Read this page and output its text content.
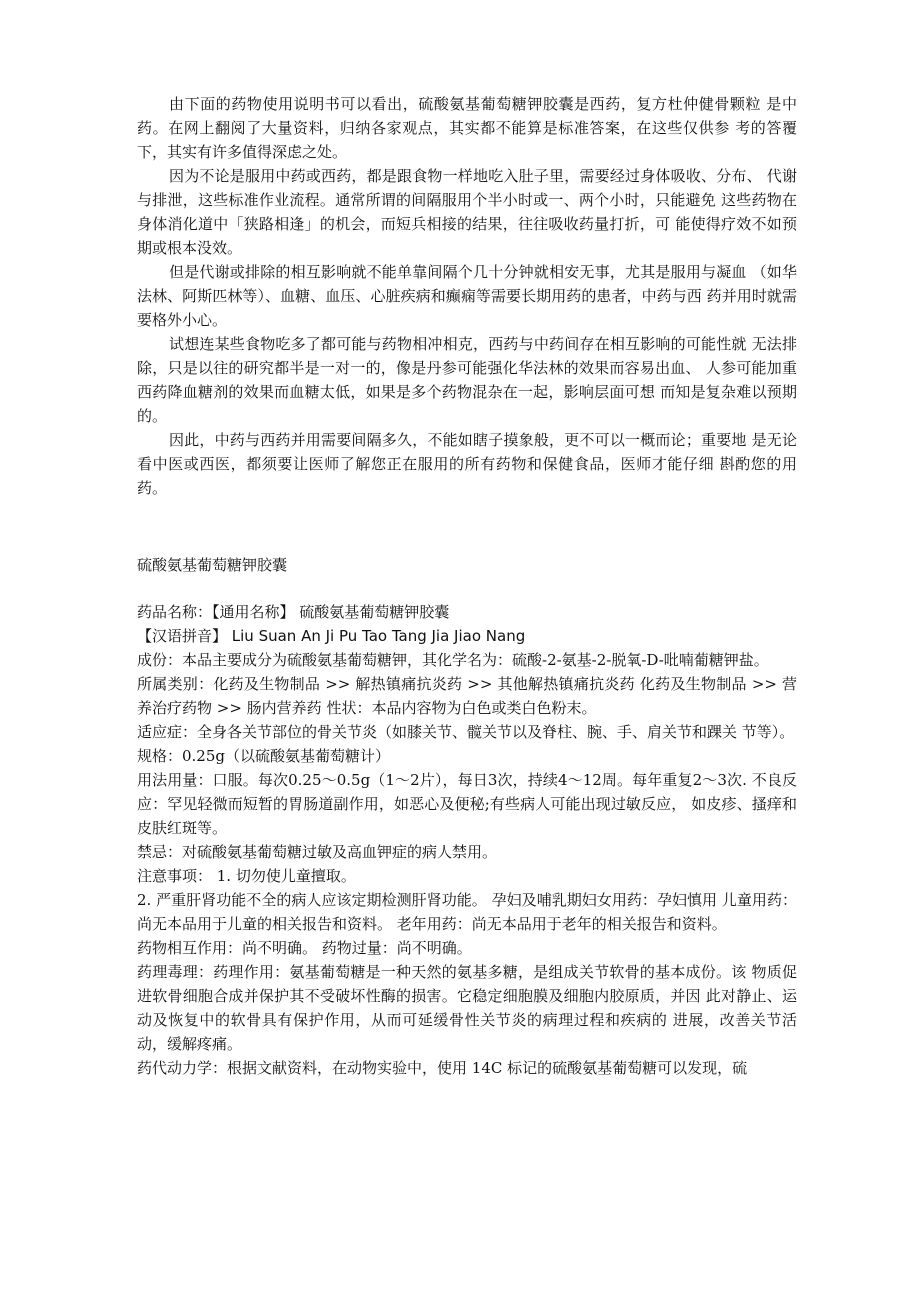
由下面的药物使用说明书可以看出，硫酸氨基葡萄糖钾胶囊是西药，复方杜仲健骨颗粒 是中药。在网上翻阅了大量资料，归纳各家观点，其实都不能算是标准答案，在这些仅供参 考的答覆下，其实有许多值得深虑之处。

因为不论是服用中药或西药，都是跟食物一样地吃入肚子里，需要经过身体吸收、分布、 代谢与排泄，这些标准作业流程。通常所谓的间隔服用个半小时或一、两个小时，只能避免 这些药物在身体消化道中「狭路相逢」的机会，而短兵相接的结果，往往吸收药量打折，可 能使得疗效不如预期或根本没效。

但是代谢或排除的相互影响就不能单靠间隔个几十分钟就相安无事，尤其是服用与凝血 （如华法林、阿斯匹林等）、血糖、血压、心脏疾病和癫痫等需要长期用药的患者，中药与西 药并用时就需要格外小心。

试想连某些食物吃多了都可能与药物相冲相克，西药与中药间存在相互影响的可能性就 无法排除，只是以往的研究都半是一对一的，像是丹参可能强化华法林的效果而容易出血、 人参可能加重西药降血糖剂的效果而血糖太低，如果是多个药物混杂在一起，影响层面可想 而知是复杂难以预期的。

因此，中药与西药并用需要间隔多久，不能如瞎子摸象般，更不可以一概而论；重要地 是无论看中医或西医，都须要让医师了解您正在服用的所有药物和保健食品，医师才能仔细 斟酌您的用药。

硫酸氨基葡萄糖钾胶囊

药品名称：【通用名称】 硫酸氨基葡萄糖钾胶囊

【汉语拼音】 Liu Suan An Ji Pu Tao Tang Jia Jiao Nang

成份：本品主要成分为硫酸氨基葡萄糖钾，其化学名为：硫酸-2-氨基-2-脱氧-D-吡喃葡糖钾盐。

所属类别：化药及生物制品 >> 解热镇痛抗炎药 >> 其他解热镇痛抗炎药 化药及生物制品 >> 营养治疗药物 >> 肠内营养药 性状：本品内容物为白色或类白色粉末。

适应症：全身各关节部位的骨关节炎（如膝关节、髋关节以及脊柱、腕、手、肩关节和踝关 节等）。

规格：0.25g（以硫酸氨基葡萄糖计）

用法用量：口服。每次0.25～0.5g（1～2片），每日3次，持续4～12周。每年重复2～3次. 不良反应：罕见轻微而短暂的胃肠道副作用，如恶心及便秘;有些病人可能出现过敏反应， 如皮疹、搔痒和皮肤红斑等。

禁忌：对硫酸氨基葡萄糖过敏及高血钾症的病人禁用。

注意事项： 1. 切勿使儿童擅取。

2. 严重肝肾功能不全的病人应该定期检测肝肾功能。 孕妇及哺乳期妇女用药：孕妇慎用 儿童用药：尚无本品用于儿童的相关报告和资料。 老年用药：尚无本品用于老年的相关报告和资料。

药物相互作用：尚不明确。 药物过量：尚不明确。

药理毒理：药理作用：氨基葡萄糖是一种天然的氨基多糖，是组成关节软骨的基本成份。该 物质促进软骨细胞合成并保护其不受破坏性酶的损害。它稳定细胞膜及细胞内胶原质，并因 此对静止、运动及恢复中的软骨具有保护作用，从而可延缓骨性关节炎的病理过程和疾病的 进展，改善关节活动，缓解疼痛。

药代动力学：根据文献资料，在动物实验中，使用 14C 标记的硫酸氨基葡萄糖可以发现，硫
